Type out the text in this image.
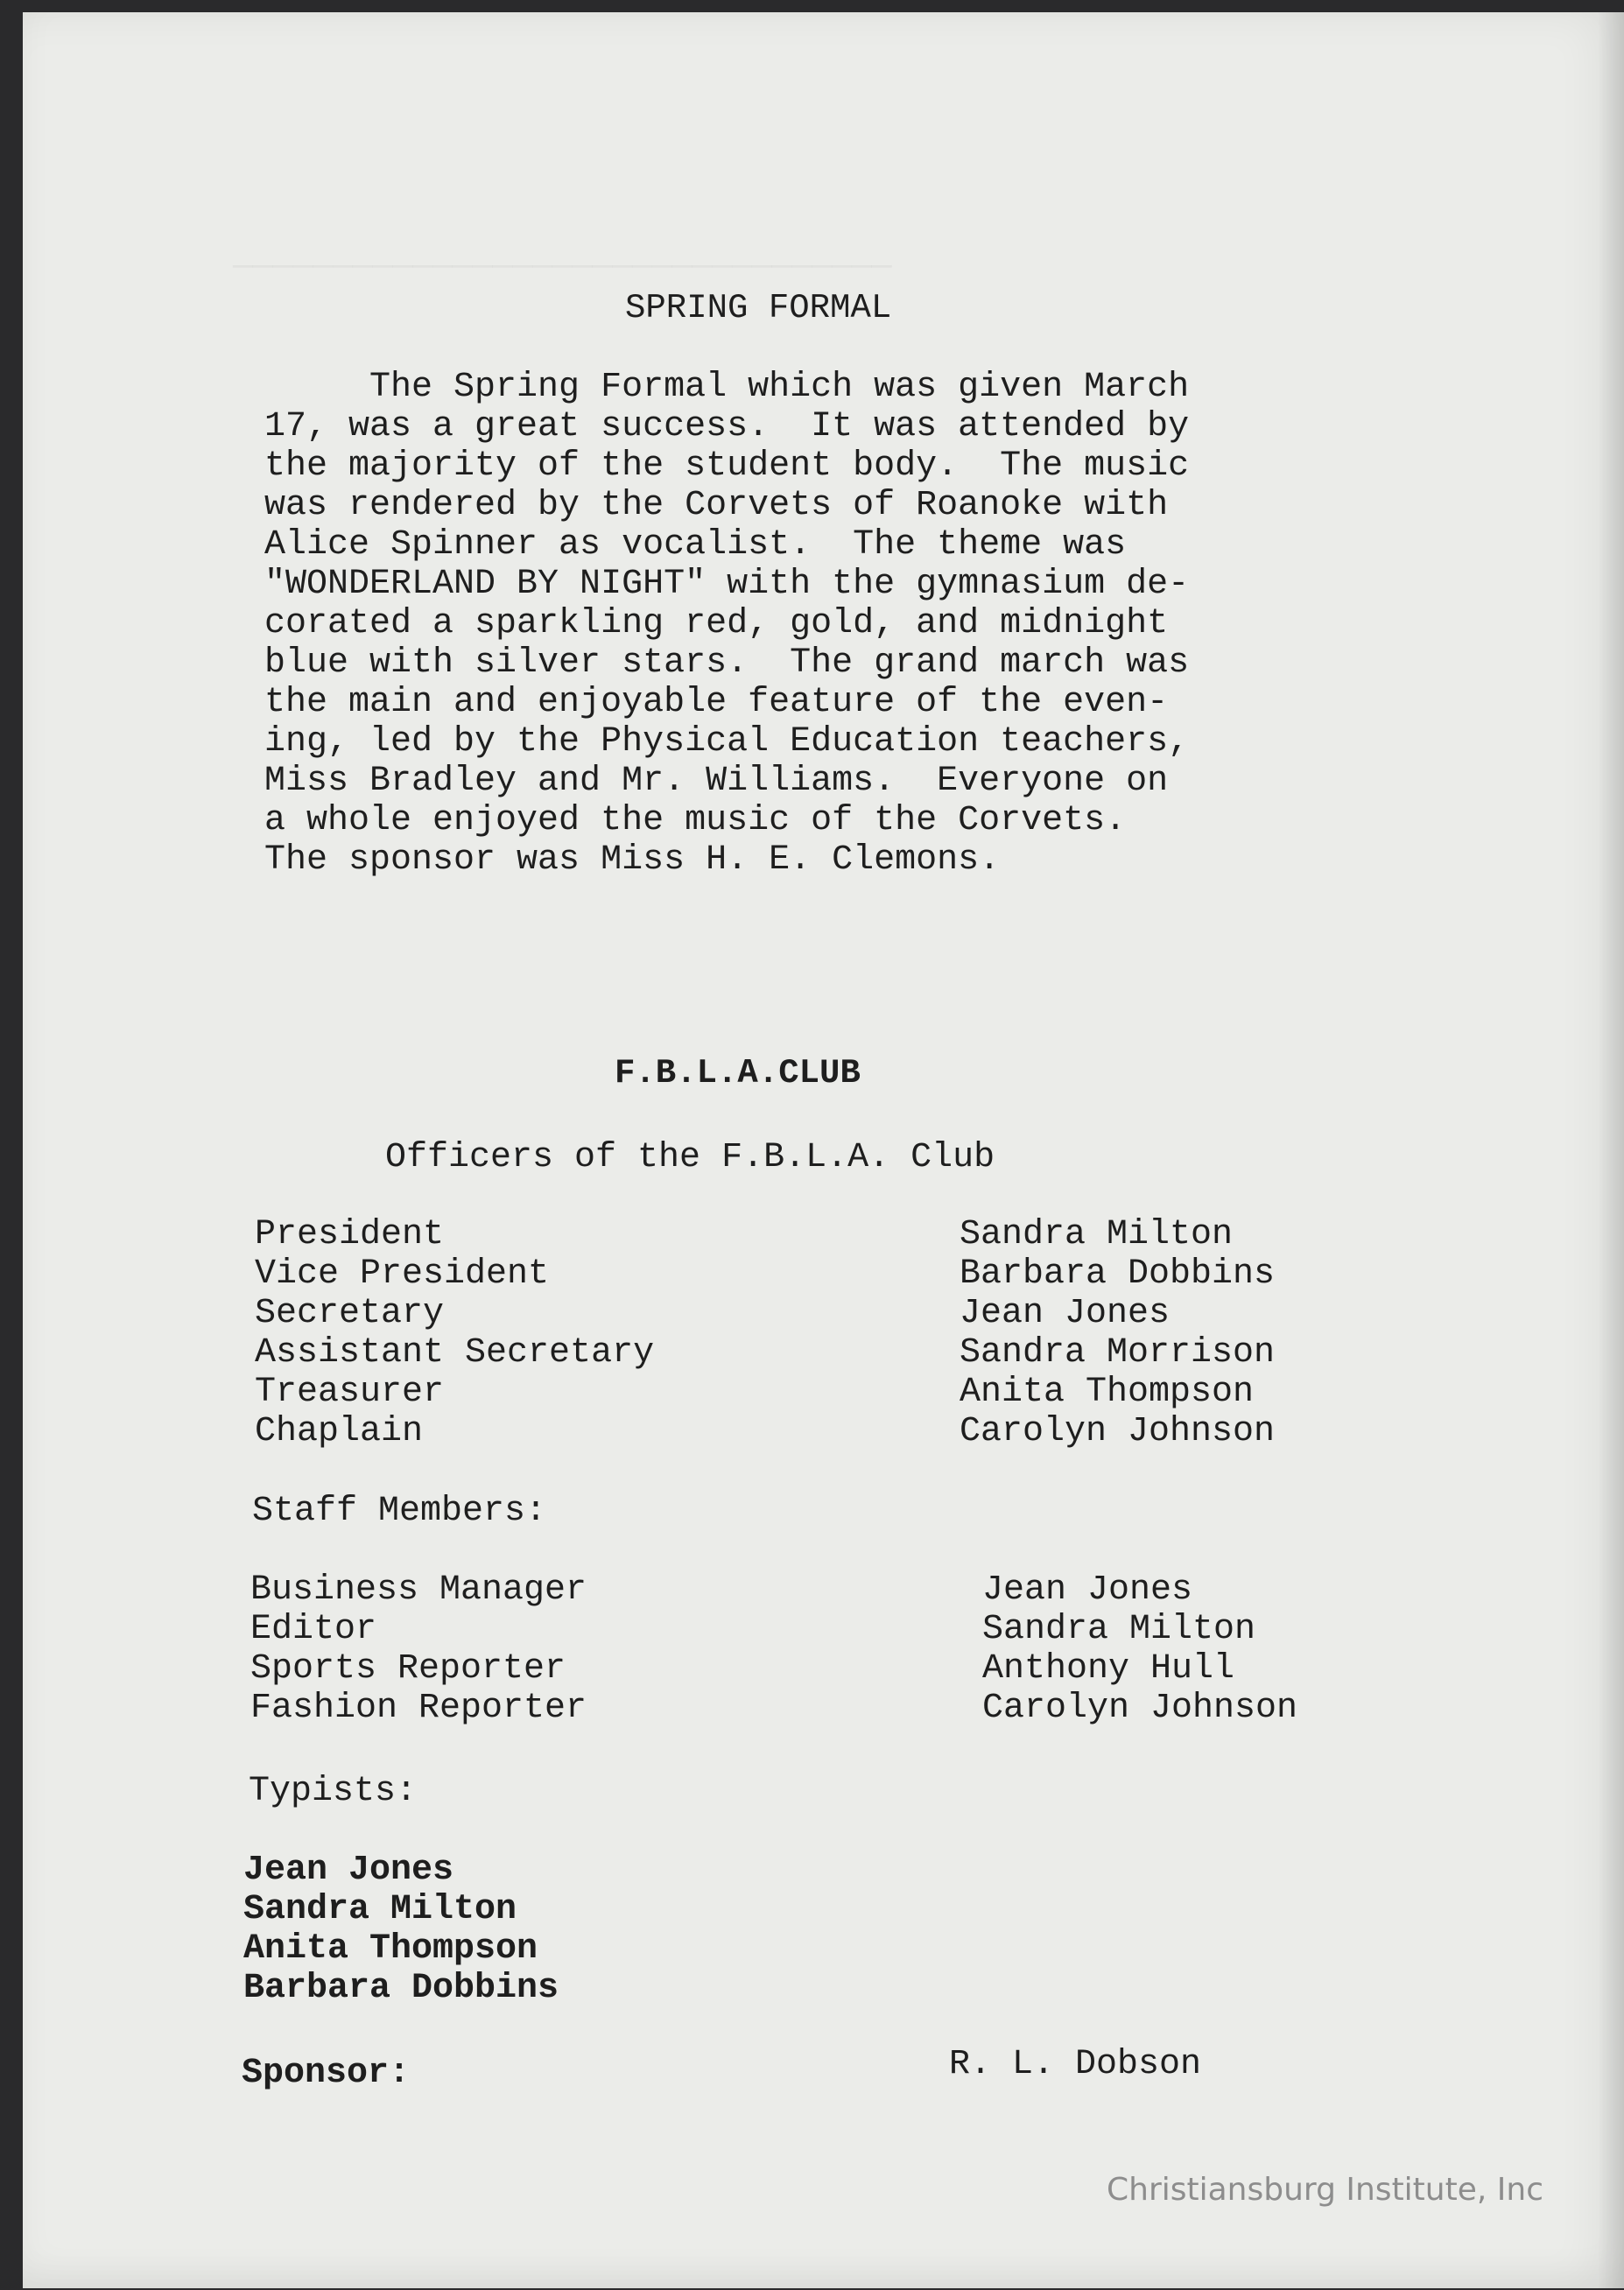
─────────────────────────────────
SPRING FORMAL

The Spring Formal which was given March

17, was a great success.  It was attended by

the majority of the student body.  The music

was rendered by the Corvets of Roanoke with

Alice Spinner as vocalist.  The theme was

"WONDERLAND BY NIGHT" with the gymnasium de-

corated a sparkling red, gold, and midnight

blue with silver stars.  The grand march was

the main and enjoyable feature of the even-

ing, led by the Physical Education teachers,

Miss Bradley and Mr. Williams.  Everyone on

a whole enjoyed the music of the Corvets.

The sponsor was Miss H. E. Clemons.

F.B.L.A.CLUB

Officers of the F.B.L.A. Club

President	Sandra Milton

Vice President	Barbara Dobbins

Secretary	Jean Jones

Assistant Secretary	Sandra Morrison

Treasurer	Anita Thompson

Chaplain	Carolyn Johnson

Staff Members:

Business Manager	Jean Jones

Editor	Sandra Milton

Sports Reporter	Anthony Hull

Fashion Reporter	Carolyn Johnson

Typists:

Jean Jones

Sandra Milton

Anita Thompson

Barbara Dobbins

Sponsor:	R. L. Dobson

Christiansburg Institute, Inc
